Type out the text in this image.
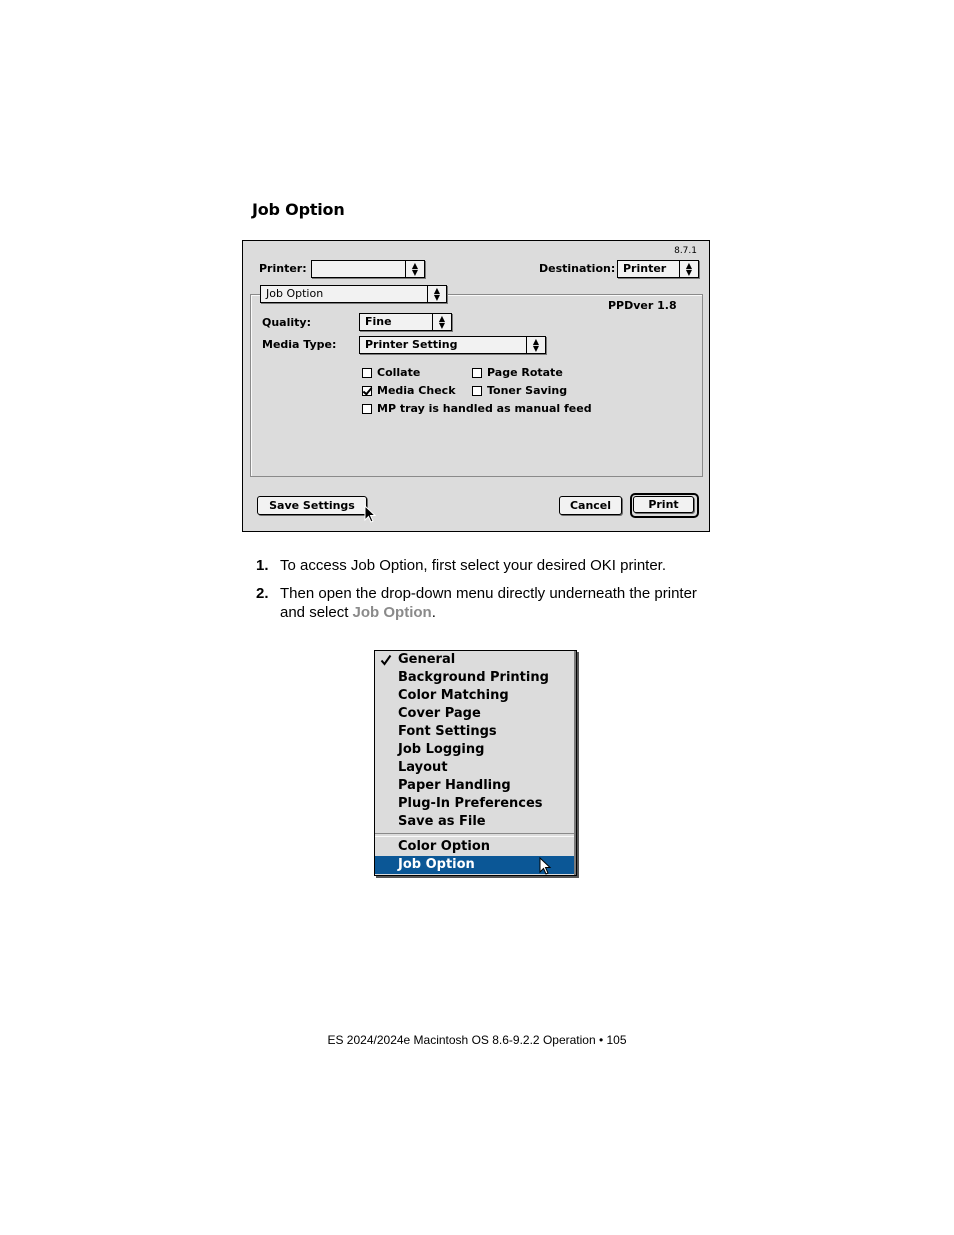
Job Option
8.7.1
Printer:	▲
▼	Destination: Printer	▲
▼
Job Option	▲
▼
PPDver 1.8
Quality:	Fine	▲
▼
Media Type:	Printer Setting	▲
▼
Collate	Page Rotate
Media Check	Toner Saving
MP tray is handled as manual feed
Save Settings	Cancel	Print
1. To access Job Option, first select your desired OKI printer.
2. Then open the drop-down menu directly underneath the printer and select Job Option.
General
Background Printing
Color Matching
Cover Page
Font Settings
Job Logging
Layout
Paper Handling
Plug-In Preferences
Save as File
Color Option
Job Option
ES 2024/2024e Macintosh OS 8.6-9.2.2 Operation • 105
